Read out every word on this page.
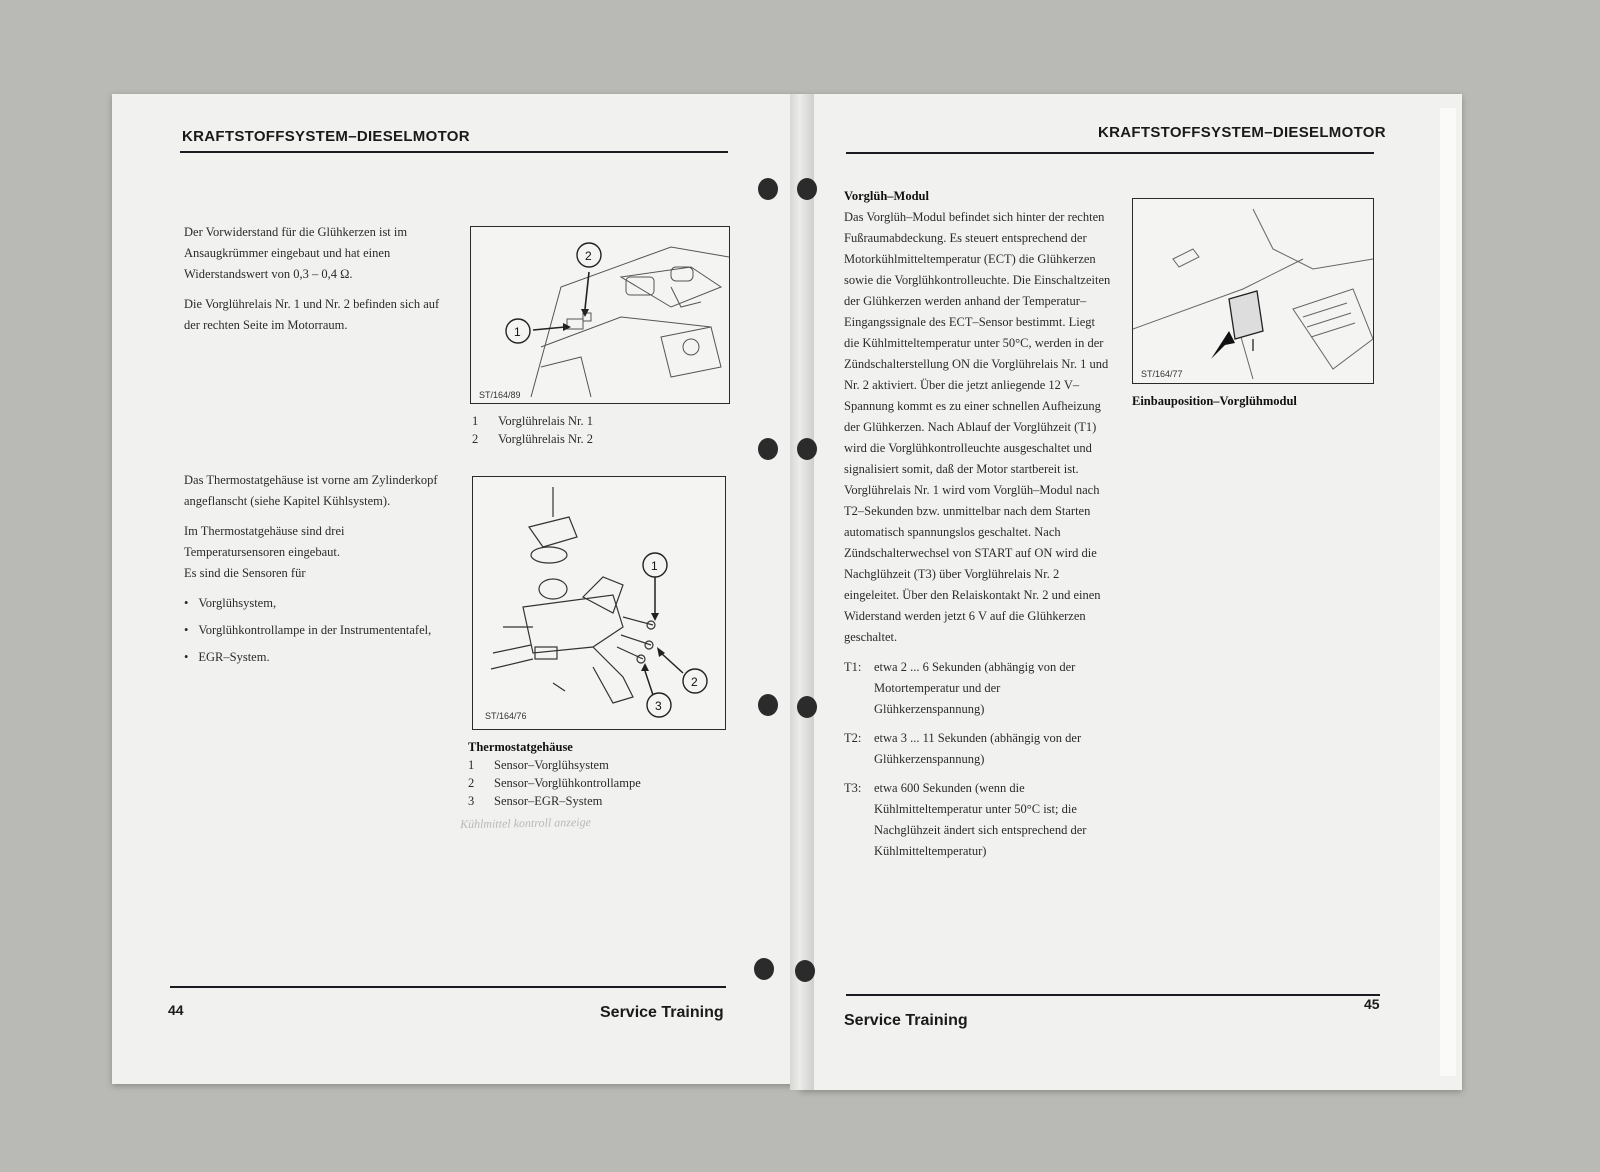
KRAFTSTOFFSYSTEM–DIESELMOTOR

Der Vorwiderstand für die Glühkerzen ist im Ansaugkrümmer eingebaut und hat einen Widerstandswert von 0,3 – 0,4 Ω.

Die Vorglührelais Nr. 1 und Nr. 2 befinden sich auf der rechten Seite im Motorraum.

2
1
ST/164/89
1	Vorglührelais Nr. 1
2	Vorglührelais Nr. 2

Das Thermostatgehäuse ist vorne am Zylinderkopf angeflanscht (siehe Kapitel Kühlsystem).

Im Thermostatgehäuse sind drei Temperatursensoren eingebaut.

Es sind die Sensoren für

• Vorglühsystem,
• Vorglühkontrollampe in der Instrumententafel,
• EGR–System.
1
2
3
ST/164/76
Thermostatgehäuse
1	Sensor–Vorglühsystem
2	Sensor–Vorglühkontrollampe
3	Sensor–EGR–System
Kühlmittel kontroll anzeige
44	Service Training
KRAFTSTOFFSYSTEM–DIESELMOTOR
Vorglüh–Modul

Das Vorglüh–Modul befindet sich hinter der rechten Fußraumabdeckung. Es steuert entsprechend der Motorkühlmitteltemperatur (ECT) die Glühkerzen sowie die Vorglühkontrolleuchte. Die Einschaltzeiten der Glühkerzen werden anhand der Temperatur–Eingangssignale des ECT–Sensor bestimmt. Liegt die Kühlmitteltemperatur unter 50°C, werden in der Zündschalterstellung ON die Vorglührelais Nr. 1 und Nr. 2 aktiviert. Über die jetzt anliegende 12 V–Spannung kommt es zu einer schnellen Aufheizung der Glühkerzen. Nach Ablauf der Vorglühzeit (T1) wird die Vorglühkontrolleuchte ausgeschaltet und signalisiert somit, daß der Motor startbereit ist. Vorglührelais Nr. 1 wird vom Vorglüh–Modul nach T2–Sekunden bzw. unmittelbar nach dem Starten automatisch spannungslos geschaltet. Nach Zündschalterwechsel von START auf ON wird die Nachglühzeit (T3) über Vorglührelais Nr. 2 eingeleitet. Über den Relaiskontakt Nr. 2 und einen Widerstand werden jetzt 6 V auf die Glühkerzen geschaltet.

T1:	etwa 2 ... 6 Sekunden (abhängig von der Motortemperatur und der Glühkerzenspannung)
T2:	etwa 3 ... 11 Sekunden (abhängig von der Glühkerzenspannung)
T3:	etwa 600 Sekunden (wenn die Kühlmitteltemperatur unter 50°C ist; die Nachglühzeit ändert sich entsprechend der Kühlmitteltemperatur)
ST/164/77
Einbauposition–Vorglühmodul
Service Training
45
